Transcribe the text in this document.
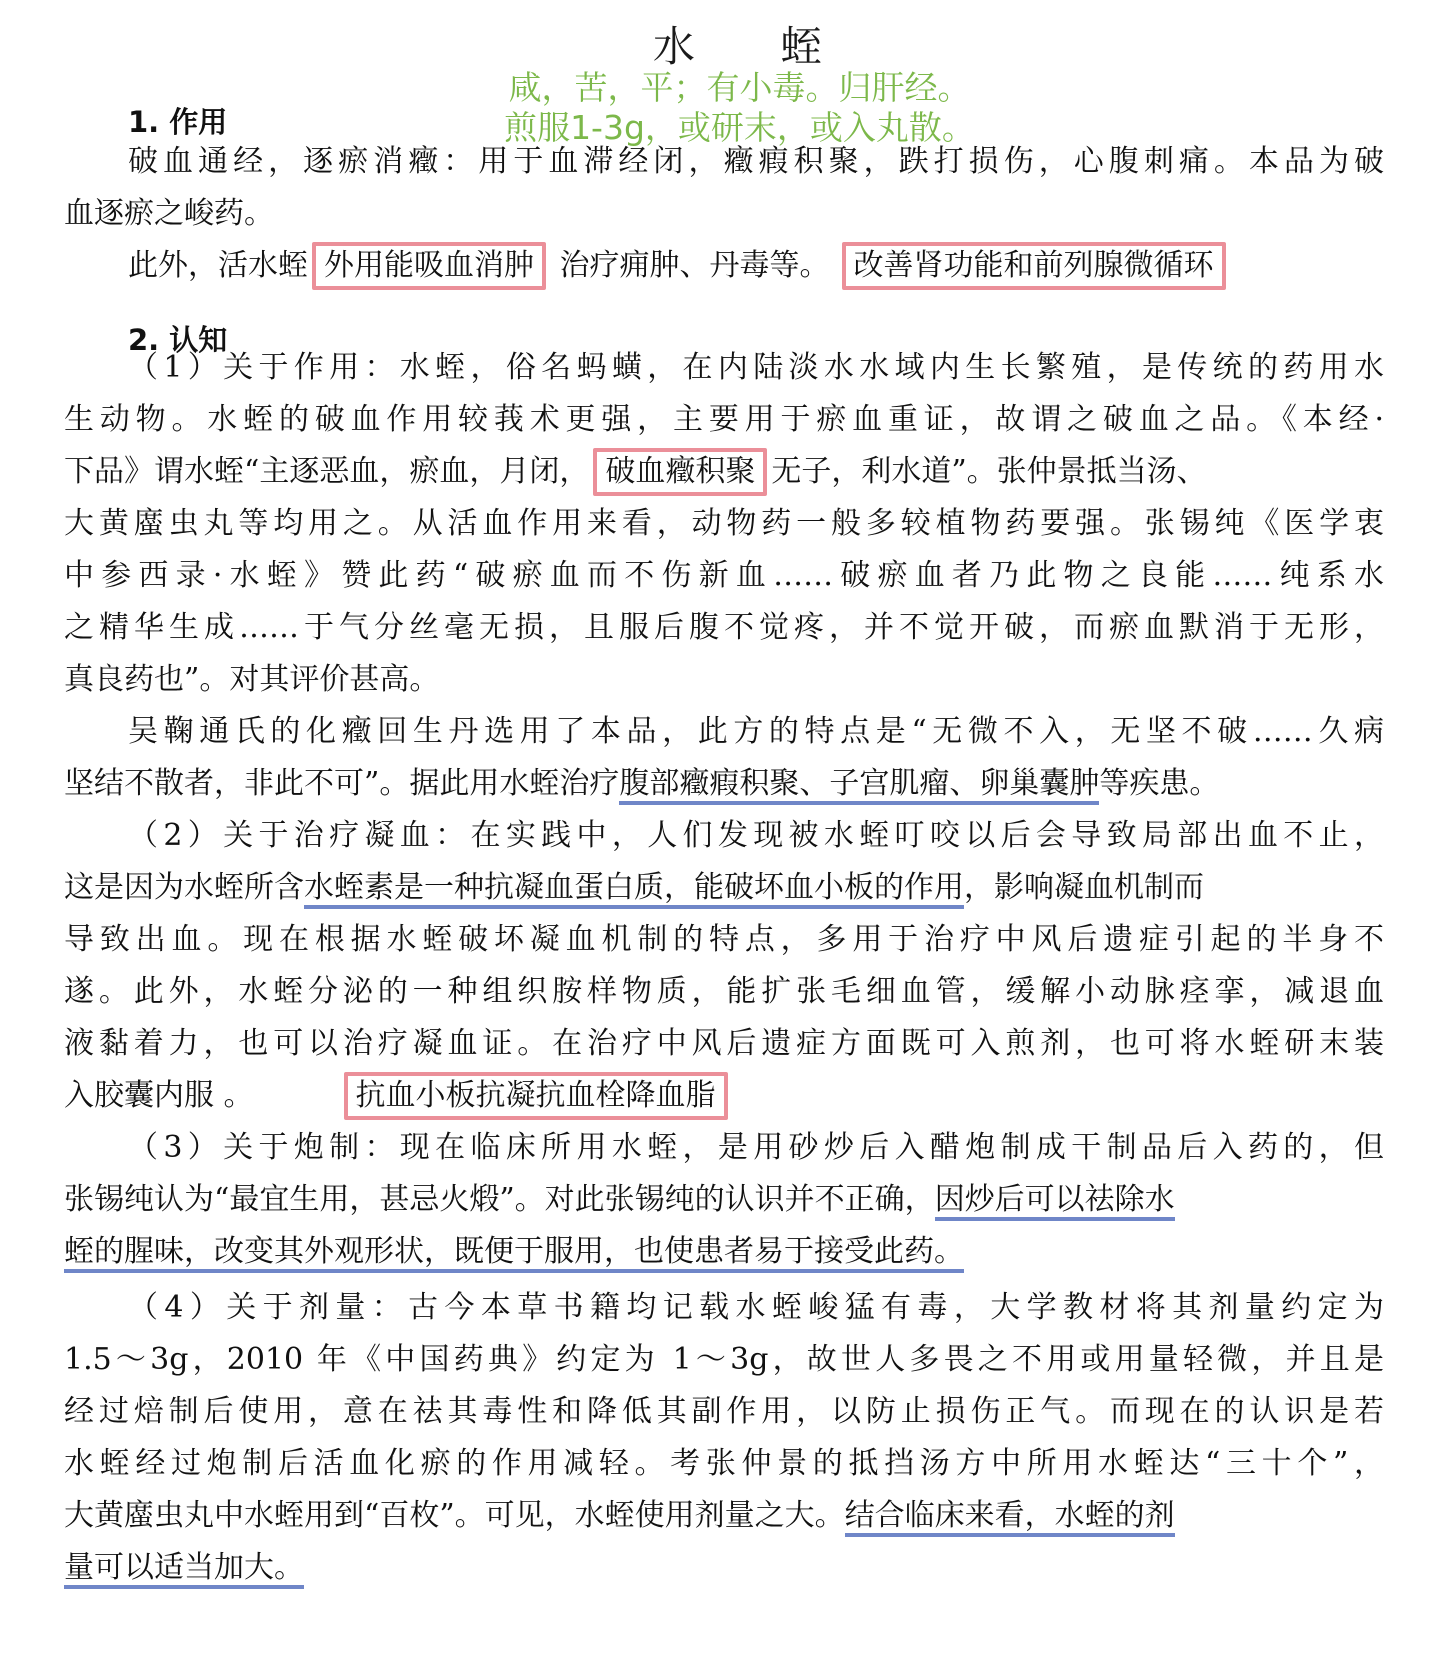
水 蛭
咸，苦，平；有小毒。归肝经。
煎服1-3g，或研末，或入丸散。
1. 作用
破血通经，逐瘀消癥：用于血滞经闭，癥瘕积聚，跌打损伤，心腹刺痛。本品为破
血逐瘀之峻药。
此外，活水蛭 外用能吸血消肿 治疗痈肿、丹毒等。 改善肾功能和前列腺微循环
2. 认知
（1）关于作用：水蛭，俗名蚂蟥，在内陆淡水水域内生长繁殖，是传统的药用水
生动物。水蛭的破血作用较莪术更强，主要用于瘀血重证，故谓之破血之品。《本经·
下品》谓水蛭“主逐恶血，瘀血，月闭， 破血癥积聚 无子，利水道”。张仲景抵当汤、
大黄䗪虫丸等均用之。从活血作用来看，动物药一般多较植物药要强。张锡纯《医学衷
中参西录·水蛭》赞此药“破瘀血而不伤新血……破瘀血者乃此物之良能……纯系水
之精华生成……于气分丝毫无损，且服后腹不觉疼，并不觉开破，而瘀血默消于无形，
真良药也”。对其评价甚高。
吴鞠通氏的化癥回生丹选用了本品，此方的特点是“无微不入，无坚不破……久病
坚结不散者，非此不可”。据此用水蛭治疗腹部癥瘕积聚、子宫肌瘤、卵巢囊肿等疾患。
（2）关于治疗凝血：在实践中，人们发现被水蛭叮咬以后会导致局部出血不止，
这是因为水蛭所含水蛭素是一种抗凝血蛋白质，能破坏血小板的作用，影响凝血机制而
导致出血。现在根据水蛭破坏凝血机制的特点，多用于治疗中风后遗症引起的半身不
遂。此外，水蛭分泌的一种组织胺样物质，能扩张毛细血管，缓解小动脉痉挛，减退血
液黏着力，也可以治疗凝血证。在治疗中风后遗症方面既可入煎剂，也可将水蛭研末装
入胶囊内服 。	抗血小板抗凝抗血栓降血脂
（3）关于炮制：现在临床所用水蛭，是用砂炒后入醋炮制成干制品后入药的，但
张锡纯认为“最宜生用，甚忌火煅”。对此张锡纯的认识并不正确，因炒后可以祛除水
蛭的腥味，改变其外观形状，既便于服用，也使患者易于接受此药。
（4）关于剂量：古今本草书籍均记载水蛭峻猛有毒，大学教材将其剂量约定为
1.5～3g，2010 年《中国药典》约定为 1～3g，故世人多畏之不用或用量轻微，并且是
经过焙制后使用，意在祛其毒性和降低其副作用，以防止损伤正气。而现在的认识是若
水蛭经过炮制后活血化瘀的作用减轻。考张仲景的抵挡汤方中所用水蛭达“三十个”，
大黄䗪虫丸中水蛭用到“百枚”。可见，水蛭使用剂量之大。结合临床来看，水蛭的剂
量可以适当加大。
